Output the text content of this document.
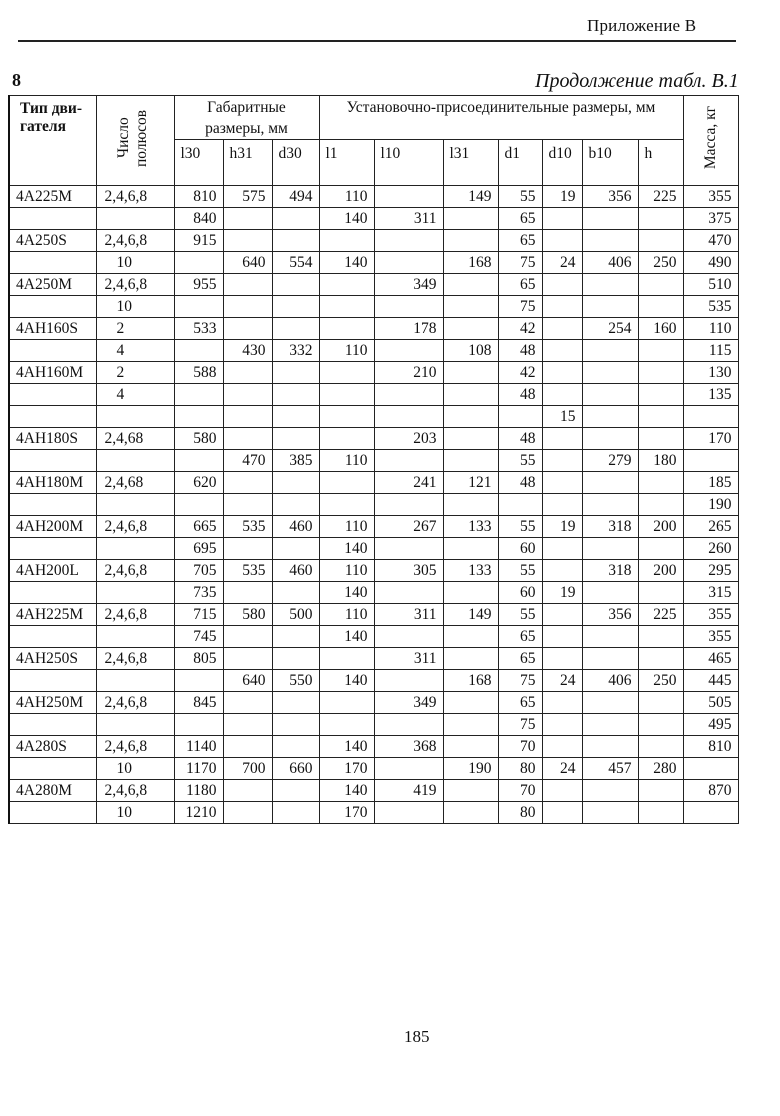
Приложение В
8	Продолжение табл. В.1
Тип дви-гателя	Число полюсов	Габаритные размеры, мм			Установочно-присоединительные размеры, мм							Масса, кг
		l30	h31	d30	l1	l10	l31	d1	d10	b10	h	
4A225M	2,4,6,8	810	575	494	110		149	55	19	356	225	355
		840			140	311		65				375
4A250S	2,4,6,8	915						65				470
	10		640	554	140		168	75	24	406	250	490
4A250M	2,4,6,8	955				349		65				510
	10							75				535
4AH160S	2	533				178		42		254	160	110
	4		430	332	110		108	48				115
4AH160M	2	588				210		42				130
	4							48				135
									15			
4AH180S	2,4,68	580				203		48				170
			470	385	110			55		279	180	
4AH180M	2,4,68	620				241	121	48				185
												190
4AH200M	2,4,6,8	665	535	460	110	267	133	55	19	318	200	265
		695			140			60				260
4AH200L	2,4,6,8	705	535	460	110	305	133	55		318	200	295
		735			140			60	19			315
4AH225M	2,4,6,8	715	580	500	110	311	149	55		356	225	355
		745			140			65				355
4AH250S	2,4,6,8	805				311		65				465
			640	550	140		168	75	24	406	250	445
4AH250M	2,4,6,8	845				349		65				505
								75				495
4A280S	2,4,6,8	1140			140	368		70				810
	10	1170	700	660	170		190	80	24	457	280	
4A280M	2,4,6,8	1180			140	419		70				870
	10	1210			170			80				
185
